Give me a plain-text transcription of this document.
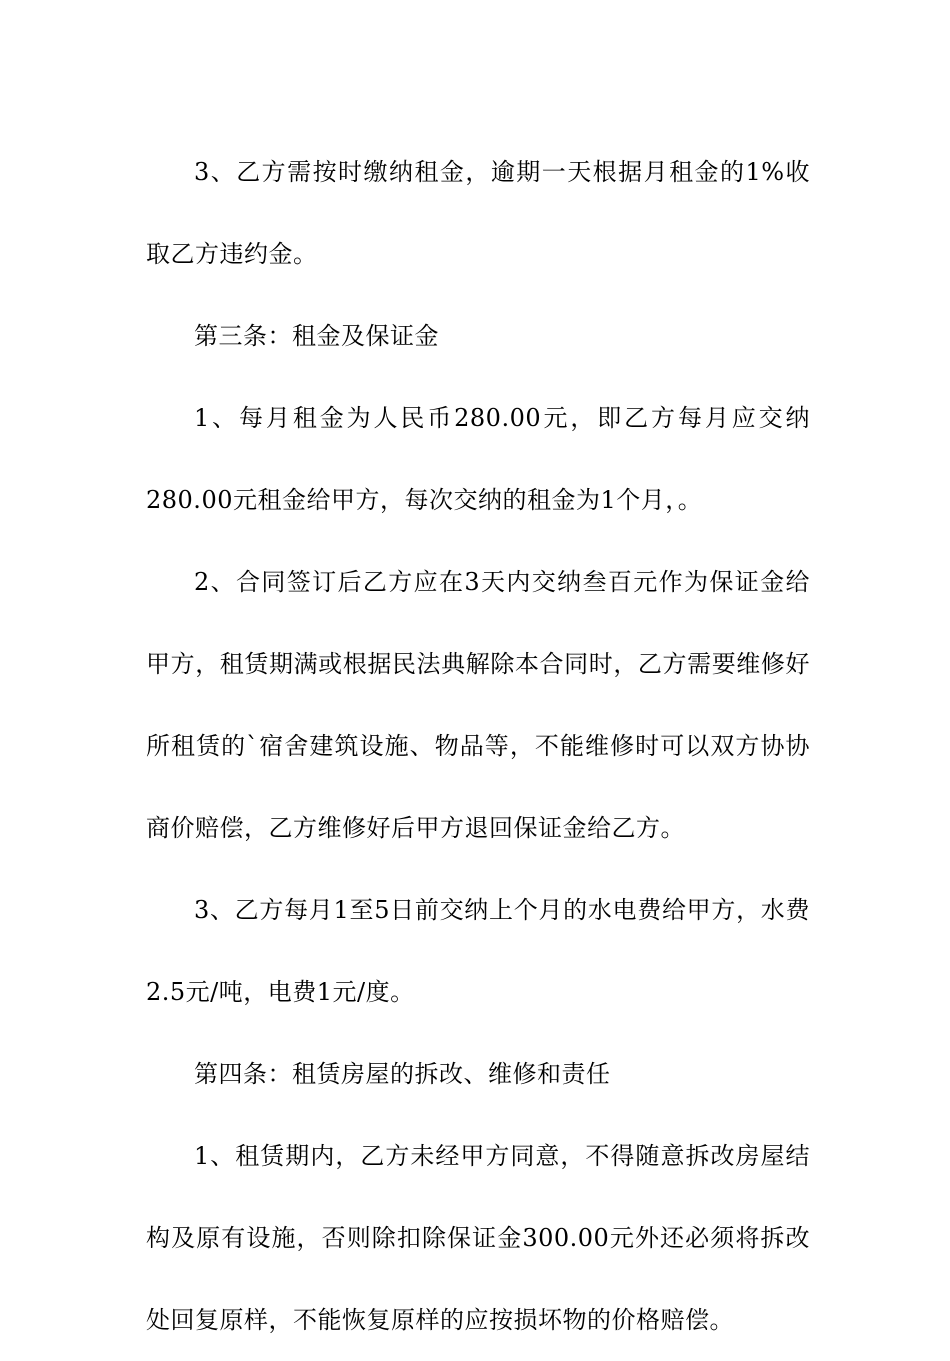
3、乙方需按时缴纳租金，逾期一天根据月租金的1%收取乙方违约金。

第三条：租金及保证金

1、每月租金为人民币280.00元，即乙方每月应交纳280.00元租金给甲方，每次交纳的租金为1个月，。

2、合同签订后乙方应在3天内交纳叁百元作为保证金给甲方，租赁期满或根据民法典解除本合同时，乙方需要维修好所租赁的`宿舍建筑设施、物品等，不能维修时可以双方协协商价赔偿，乙方维修好后甲方退回保证金给乙方。

3、乙方每月1至5日前交纳上个月的水电费给甲方，水费2.5元/吨，电费1元/度。

第四条：租赁房屋的拆改、维修和责任

1、租赁期内，乙方未经甲方同意，不得随意拆改房屋结构及原有设施，否则除扣除保证金300.00元外还必须将拆改处回复原样，不能恢复原样的应按损坏物的价格赔偿。
